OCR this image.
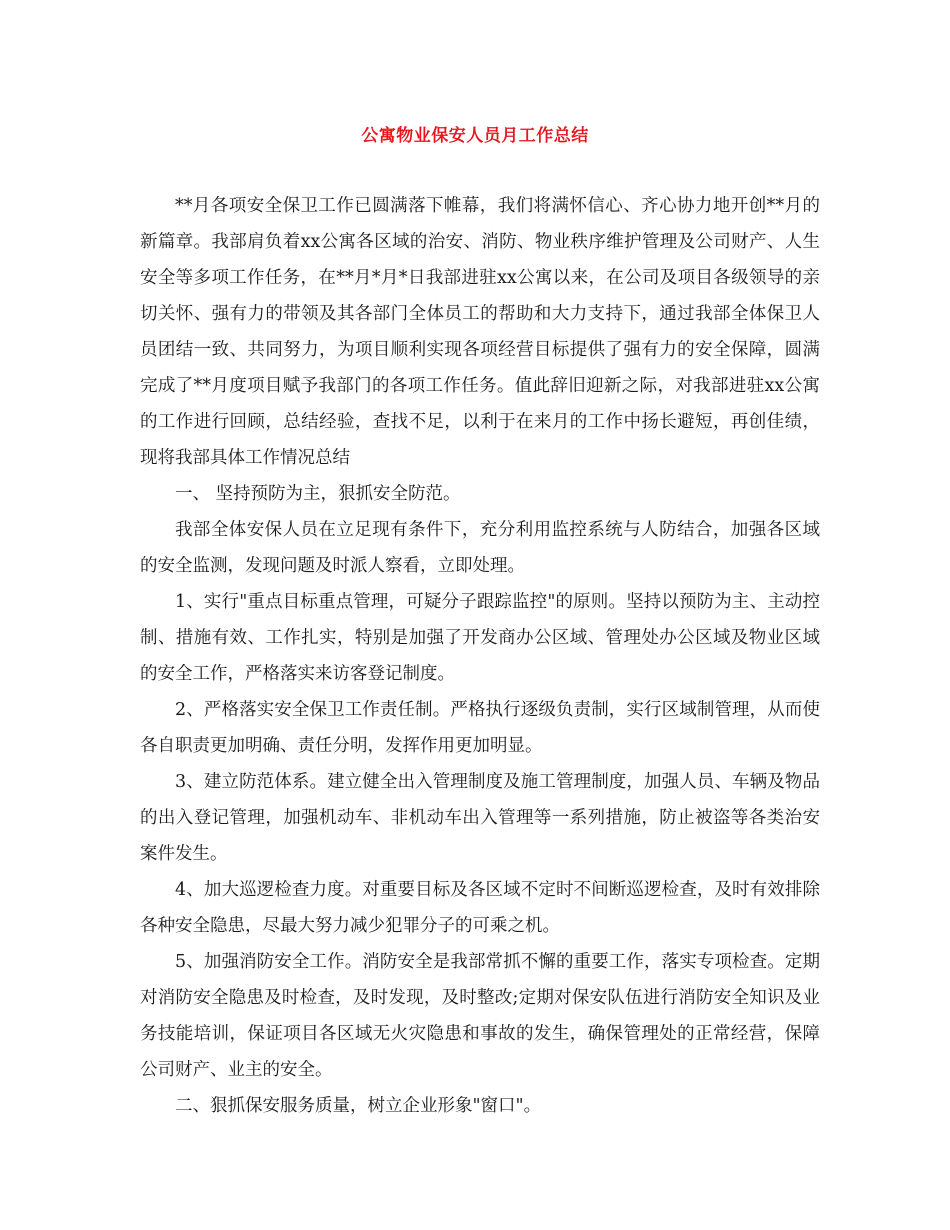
公寓物业保安人员月工作总结

**月各项安全保卫工作已圆满落下帷幕，我们将满怀信心、齐心协力地开创**月的新篇章。我部肩负着xx公寓各区域的治安、消防、物业秩序维护管理及公司财产、人生安全等多项工作任务，在**月*月*日我部进驻xx公寓以来，在公司及项目各级领导的亲切关怀、强有力的带领及其各部门全体员工的帮助和大力支持下，通过我部全体保卫人员团结一致、共同努力，为项目顺利实现各项经营目标提供了强有力的安全保障，圆满完成了**月度项目赋予我部门的各项工作任务。值此辞旧迎新之际，对我部进驻xx公寓的工作进行回顾，总结经验，查找不足，以利于在来月的工作中扬长避短，再创佳绩，现将我部具体工作情况总结

一、 坚持预防为主，狠抓安全防范。

我部全体安保人员在立足现有条件下，充分利用监控系统与人防结合，加强各区域的安全监测，发现问题及时派人察看，立即处理。

1、实行"重点目标重点管理，可疑分子跟踪监控"的原则。坚持以预防为主、主动控制、措施有效、工作扎实，特别是加强了开发商办公区域、管理处办公区域及物业区域的安全工作，严格落实来访客登记制度。

2、严格落实安全保卫工作责任制。严格执行逐级负责制，实行区域制管理，从而使各自职责更加明确、责任分明，发挥作用更加明显。

3、建立防范体系。建立健全出入管理制度及施工管理制度，加强人员、车辆及物品的出入登记管理，加强机动车、非机动车出入管理等一系列措施，防止被盗等各类治安案件发生。

4、加大巡逻检查力度。对重要目标及各区域不定时不间断巡逻检查，及时有效排除各种安全隐患，尽最大努力减少犯罪分子的可乘之机。

5、加强消防安全工作。消防安全是我部常抓不懈的重要工作，落实专项检查。定期对消防安全隐患及时检查，及时发现，及时整改;定期对保安队伍进行消防安全知识及业务技能培训，保证项目各区域无火灾隐患和事故的发生，确保管理处的正常经营，保障公司财产、业主的安全。

二、狠抓保安服务质量，树立企业形象"窗口"。
